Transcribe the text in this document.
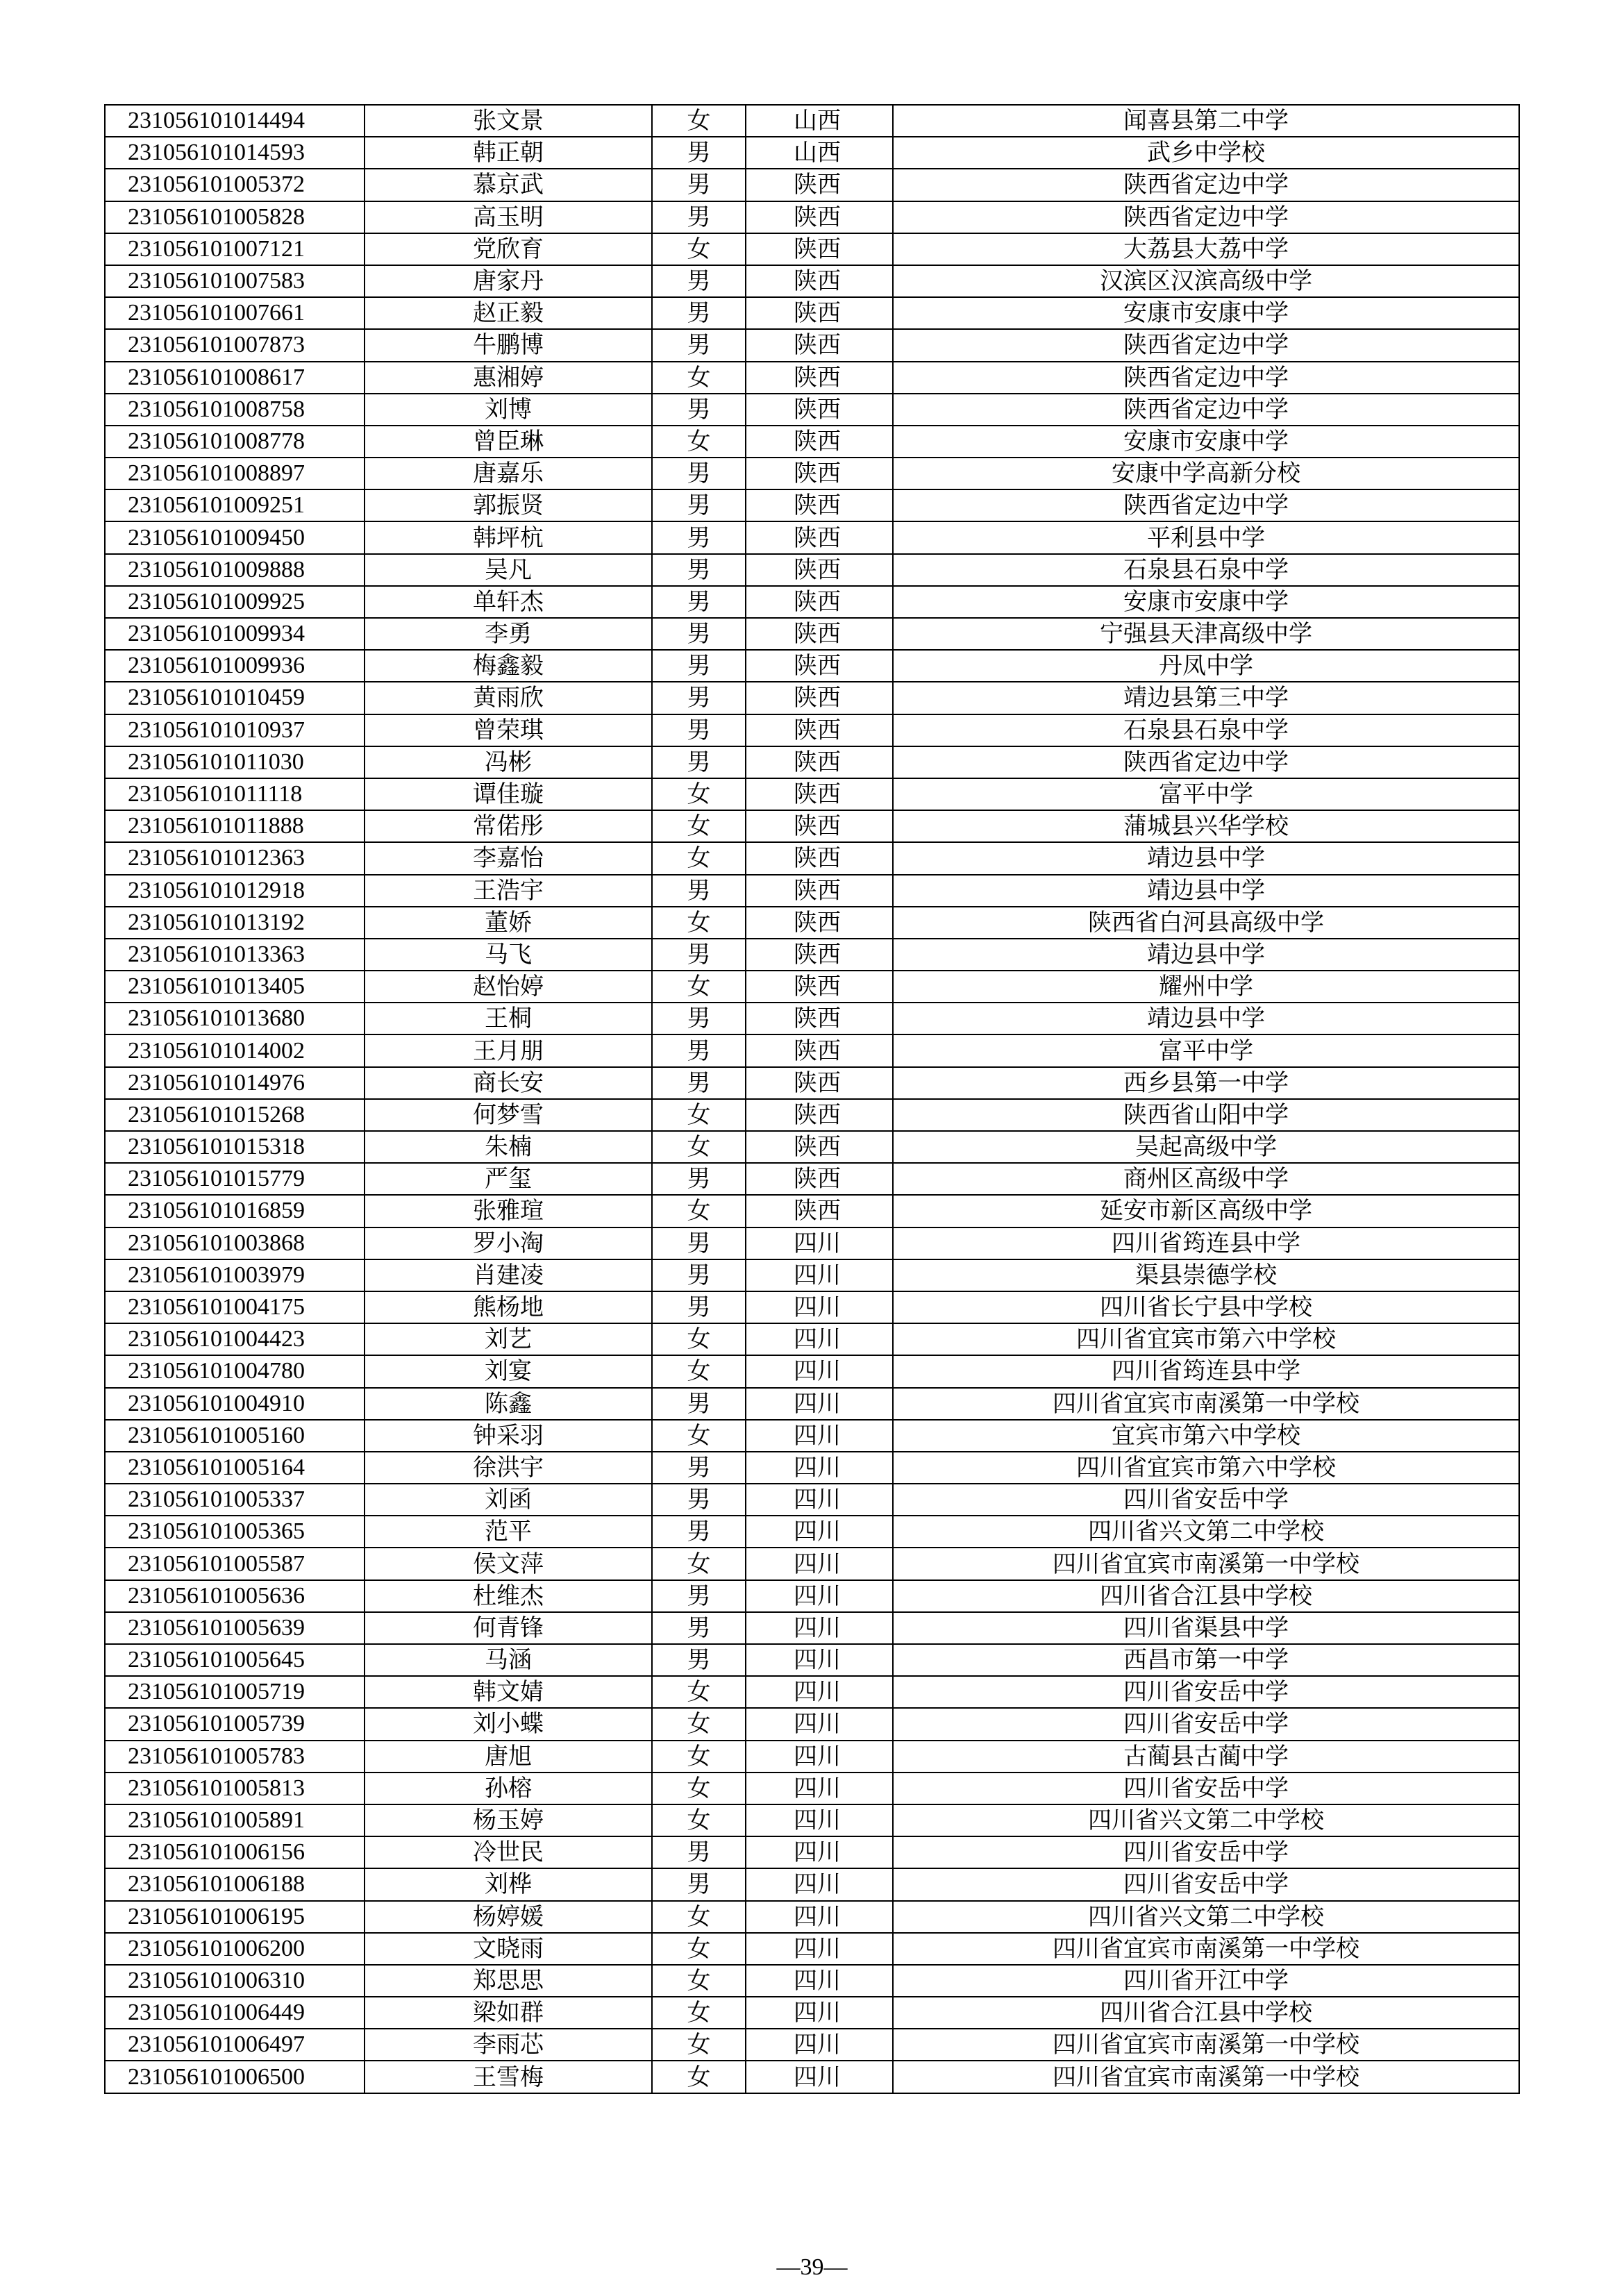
231056101014494	张文景	女	山西	闻喜县第二中学
231056101014593	韩正朝	男	山西	武乡中学校
231056101005372	慕京武	男	陕西	陕西省定边中学
231056101005828	高玉明	男	陕西	陕西省定边中学
231056101007121	党欣育	女	陕西	大荔县大荔中学
231056101007583	唐家丹	男	陕西	汉滨区汉滨高级中学
231056101007661	赵正毅	男	陕西	安康市安康中学
231056101007873	牛鹏博	男	陕西	陕西省定边中学
231056101008617	惠湘婷	女	陕西	陕西省定边中学
231056101008758	刘博	男	陕西	陕西省定边中学
231056101008778	曾臣琳	女	陕西	安康市安康中学
231056101008897	唐嘉乐	男	陕西	安康中学高新分校
231056101009251	郭振贤	男	陕西	陕西省定边中学
231056101009450	韩坪杭	男	陕西	平利县中学
231056101009888	吴凡	男	陕西	石泉县石泉中学
231056101009925	单轩杰	男	陕西	安康市安康中学
231056101009934	李勇	男	陕西	宁强县天津高级中学
231056101009936	梅鑫毅	男	陕西	丹凤中学
231056101010459	黄雨欣	男	陕西	靖边县第三中学
231056101010937	曾荣琪	男	陕西	石泉县石泉中学
231056101011030	冯彬	男	陕西	陕西省定边中学
231056101011118	谭佳璇	女	陕西	富平中学
231056101011888	常偌彤	女	陕西	蒲城县兴华学校
231056101012363	李嘉怡	女	陕西	靖边县中学
231056101012918	王浩宇	男	陕西	靖边县中学
231056101013192	董娇	女	陕西	陕西省白河县高级中学
231056101013363	马飞	男	陕西	靖边县中学
231056101013405	赵怡婷	女	陕西	耀州中学
231056101013680	王桐	男	陕西	靖边县中学
231056101014002	王月朋	男	陕西	富平中学
231056101014976	商长安	男	陕西	西乡县第一中学
231056101015268	何梦雪	女	陕西	陕西省山阳中学
231056101015318	朱楠	女	陕西	吴起高级中学
231056101015779	严玺	男	陕西	商州区高级中学
231056101016859	张雅瑄	女	陕西	延安市新区高级中学
231056101003868	罗小淘	男	四川	四川省筠连县中学
231056101003979	肖建凌	男	四川	渠县崇德学校
231056101004175	熊杨地	男	四川	四川省长宁县中学校
231056101004423	刘艺	女	四川	四川省宜宾市第六中学校
231056101004780	刘宴	女	四川	四川省筠连县中学
231056101004910	陈鑫	男	四川	四川省宜宾市南溪第一中学校
231056101005160	钟采羽	女	四川	宜宾市第六中学校
231056101005164	徐洪宇	男	四川	四川省宜宾市第六中学校
231056101005337	刘函	男	四川	四川省安岳中学
231056101005365	范平	男	四川	四川省兴文第二中学校
231056101005587	侯文萍	女	四川	四川省宜宾市南溪第一中学校
231056101005636	杜维杰	男	四川	四川省合江县中学校
231056101005639	何青锋	男	四川	四川省渠县中学
231056101005645	马涵	男	四川	西昌市第一中学
231056101005719	韩文婧	女	四川	四川省安岳中学
231056101005739	刘小蝶	女	四川	四川省安岳中学
231056101005783	唐旭	女	四川	古蔺县古蔺中学
231056101005813	孙榕	女	四川	四川省安岳中学
231056101005891	杨玉婷	女	四川	四川省兴文第二中学校
231056101006156	冷世民	男	四川	四川省安岳中学
231056101006188	刘桦	男	四川	四川省安岳中学
231056101006195	杨婷媛	女	四川	四川省兴文第二中学校
231056101006200	文晓雨	女	四川	四川省宜宾市南溪第一中学校
231056101006310	郑思思	女	四川	四川省开江中学
231056101006449	梁如群	女	四川	四川省合江县中学校
231056101006497	李雨芯	女	四川	四川省宜宾市南溪第一中学校
231056101006500	王雪梅	女	四川	四川省宜宾市南溪第一中学校
—39—
